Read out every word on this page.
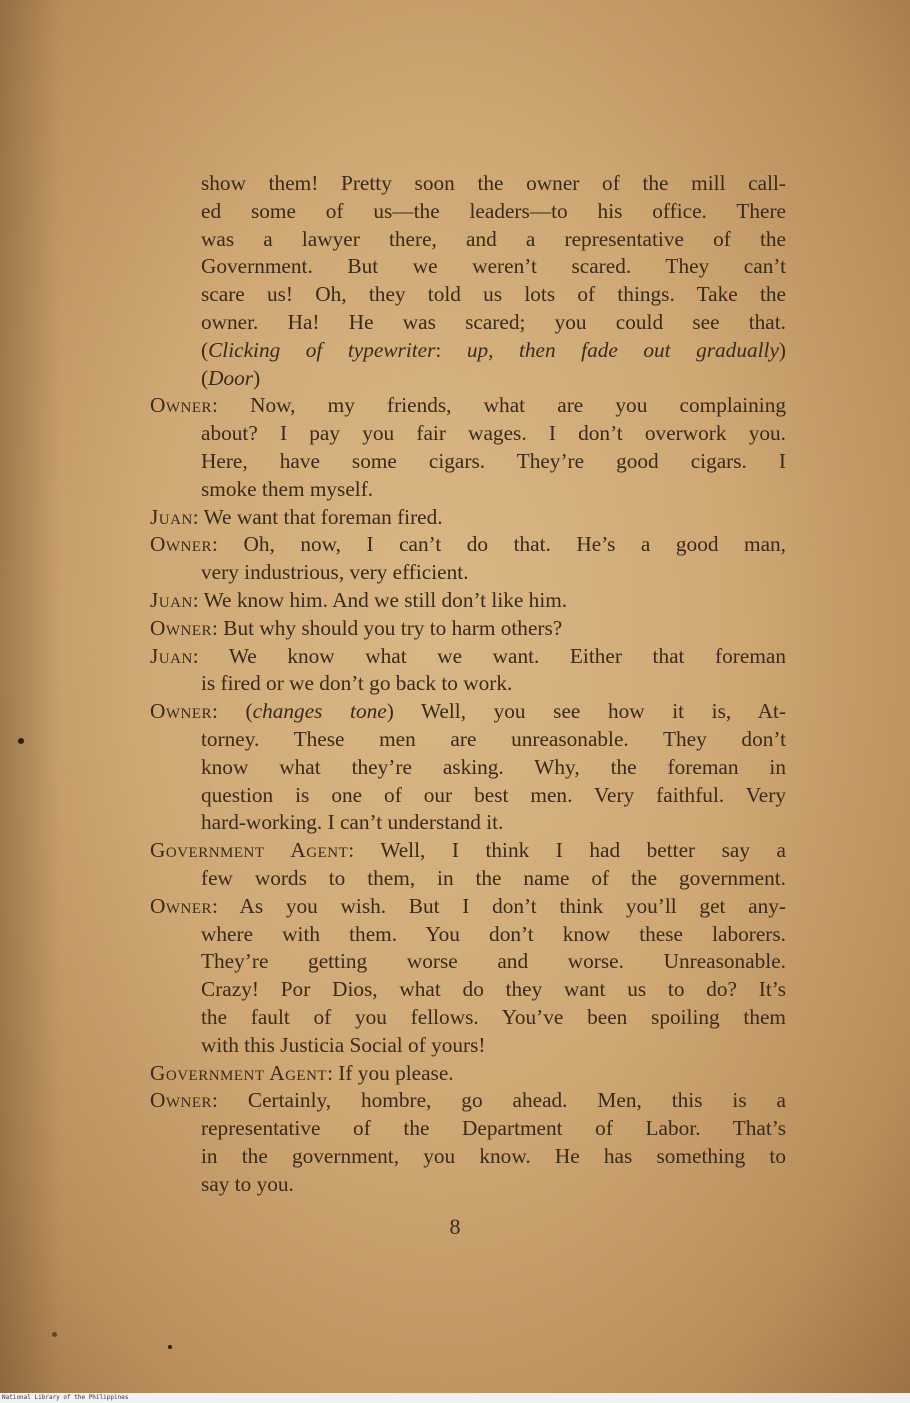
show them! Pretty soon the owner of the mill call-
ed some of us—the leaders—to his office. There
was a lawyer there, and a representative of the
Government. But we weren’t scared. They can’t
scare us! Oh, they told us lots of things. Take the
owner. Ha! He was scared; you could see that.
(Clicking of typewriter: up, then fade out gradually)
(Door)
Owner: Now, my friends, what are you complaining
about? I pay you fair wages. I don’t overwork you.
Here, have some cigars. They’re good cigars. I
smoke them myself.
Juan: We want that foreman fired.
Owner: Oh, now, I can’t do that. He’s a good man,
very industrious, very efficient.
Juan: We know him. And we still don’t like him.
Owner: But why should you try to harm others?
Juan: We know what we want. Either that foreman
is fired or we don’t go back to work.
Owner: (changes tone) Well, you see how it is, At-
torney. These men are unreasonable. They don’t
know what they’re asking. Why, the foreman in
question is one of our best men. Very faithful. Very
hard-working. I can’t understand it.
Government Agent: Well, I think I had better say a
few words to them, in the name of the government.
Owner: As you wish. But I don’t think you’ll get any-
where with them. You don’t know these laborers.
They’re getting worse and worse. Unreasonable.
Crazy! Por Dios, what do they want us to do? It’s
the fault of you fellows. You’ve been spoiling them
with this Justicia Social of yours!
Government Agent: If you please.
Owner: Certainly, hombre, go ahead. Men, this is a
representative of the Department of Labor. That’s
in the government, you know. He has something to
say to you.
8
National Library of the Philippines
